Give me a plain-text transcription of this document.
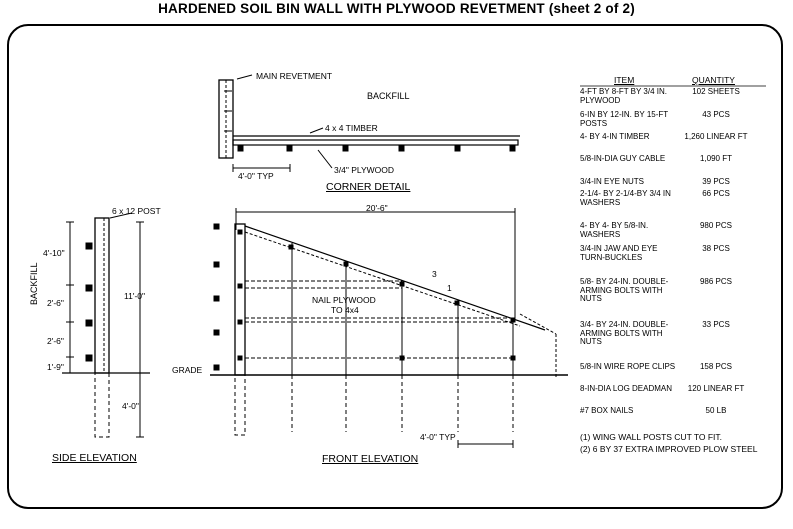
HARDENED SOIL BIN WALL WITH PLYWOOD REVETMENT (sheet 2 of 2)
MAIN REVETMENT
BACKFILL
4 x 4 TIMBER
3/4" PLYWOOD
4'-0" TYP
CORNER DETAIL
6 x 12 POST
BACKFILL
4'-10"
2'-6"
2'-6"
1'-9"
11'-0"
4'-0"
SIDE ELEVATION
20'-6"
GRADE
NAIL PLYWOOD
TO 4x4
3
1
4'-0" TYP
FRONT ELEVATION
ITEM	QUANTITY
4-FT BY 8-FT BY 3/4 IN. PLYWOOD
102 SHEETS
6-IN BY 12-IN. BY 15-FT POSTS
43 PCS
4- BY 4-IN TIMBER	1,260 LINEAR FT
5/8-IN-DIA GUY CABLE	1,090 FT
3/4-IN EYE NUTS	39 PCS
2-1/4- BY 2-1/4-BY 3/4 IN WASHERS
66 PCS
4- BY 4- BY 5/8-IN. WASHERS
980 PCS
3/4-IN JAW AND EYE TURN-BUCKLES
38 PCS
5/8- BY 24-IN. DOUBLE-ARMING BOLTS WITH NUTS
986 PCS
3/4- BY 24-IN. DOUBLE-ARMING BOLTS WITH NUTS
33 PCS
5/8-IN WIRE ROPE CLIPS	158 PCS
8-IN-DIA LOG DEADMAN	120 LINEAR FT
#7 BOX NAILS	50 LB
(1) WING WALL POSTS CUT TO FIT.
(2) 6 BY 37 EXTRA IMPROVED PLOW STEEL
